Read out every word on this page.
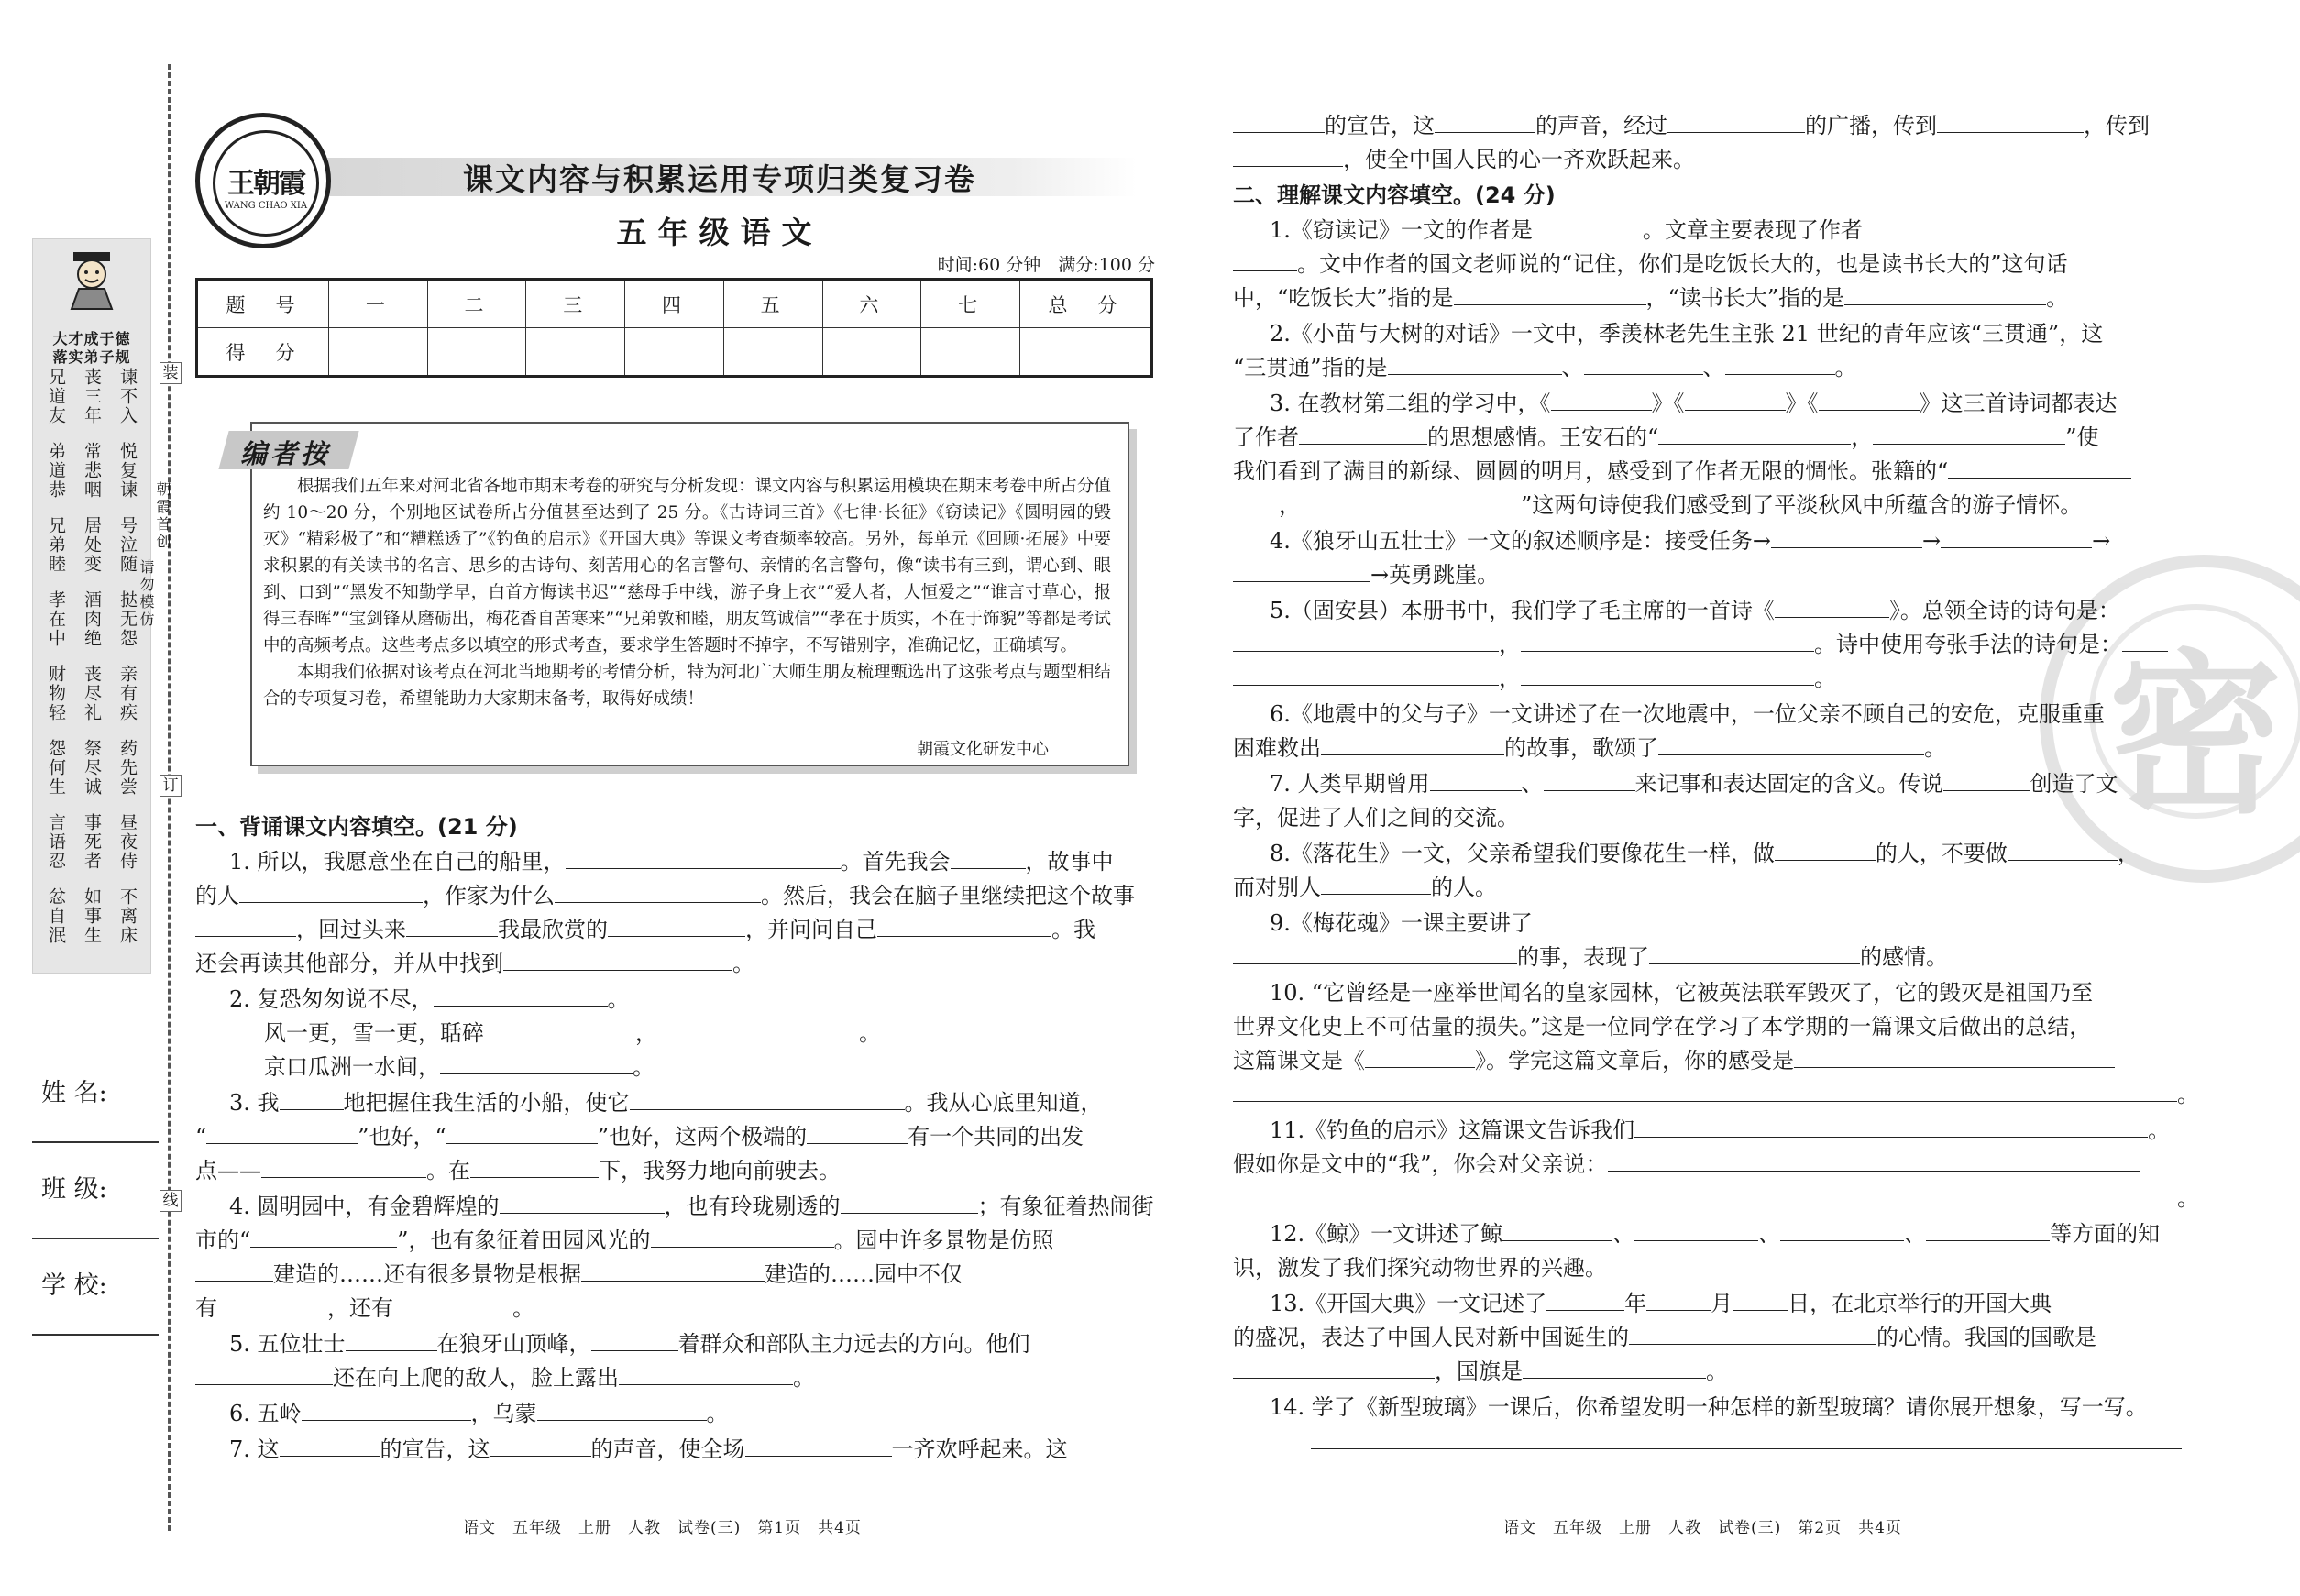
装
订
线
大才成于德
落实弟子规
兄道友 丧三年 谏不入
弟道恭 常悲咽 悦复谏
兄弟睦 居处变 号泣随
孝在中 酒肉绝 挞无怨
财物轻 丧尽礼 亲有疾
怨何生 祭尽诚 药先尝
言语忍 事死者 昼夜侍
忿自泯 如事生 不离床
朝霞首创
请勿模仿
姓 名:
班 级:
学 校:
王朝霞
WANG CHAO XIA
课文内容与积累运用专项归类复习卷
五年级语文
时间:60 分钟　满分:100 分
题　号	一	二	三	四	五	六	七	总　分
得　分								
编者按
根据我们五年来对河北省各地市期末考卷的研究与分析发现：课文内容与积累运用模块在期末考卷中所占分值约 10～20 分，个别地区试卷所占分值甚至达到了 25 分。《古诗词三首》《七律·长征》《窃读记》《圆明园的毁灭》“精彩极了”和“糟糕透了”《钓鱼的启示》《开国大典》等课文考查频率较高。另外，每单元《回顾·拓展》中要求积累的有关读书的名言、思乡的古诗句、刻苦用心的名言警句、亲情的名言警句，像“读书有三到，谓心到、眼到、口到”“黑发不知勤学早，白首方悔读书迟”“慈母手中线，游子身上衣”“爱人者，人恒爱之”“谁言寸草心，报得三春晖”“宝剑锋从磨砺出，梅花香自苦寒来”“兄弟敦和睦，朋友笃诚信”“孝在于质实，不在于饰貌”等都是考试中的高频考点。这些考点多以填空的形式考查，要求学生答题时不掉字，不写错别字，准确记忆，正确填写。
本期我们依据对该考点在河北当地期考的考情分析，特为河北广大师生朋友梳理甄选出了这张考点与题型相结合的专项复习卷，希望能助力大家期末备考，取得好成绩！
朝霞文化研发中心
一、背诵课文内容填空。(21 分)
1. 所以，我愿意坐在自己的船里，	。首先我会	，故事中
的人	，作家为什么	。然后，我会在脑子里继续把这个故事
，回过头来	我最欣赏的	，并问问自己	。我
还会再读其他部分，并从中找到	。
2. 复恐匆匆说不尽，	。
风一更，雪一更，聒碎	，	。
京口瓜洲一水间，	。
3. 我	地把握住我生活的小船，使它	。我从心底里知道，
“	”也好，“	”也好，这两个极端的	有一个共同的出发
点——	。在	下，我努力地向前驶去。
4. 圆明园中，有金碧辉煌的	，也有玲珑剔透的	；有象征着热闹街
市的“	”，也有象征着田园风光的	。园中许多景物是仿照
建造的……还有很多景物是根据	建造的……园中不仅
有	，还有	。
5. 五位壮士	在狼牙山顶峰，	着群众和部队主力远去的方向。他们
还在向上爬的敌人，脸上露出	。
6. 五岭	，乌蒙	。
7. 这	的宣告，这	的声音，使全场	一齐欢呼起来。这
语文　五年级　上册　人教　试卷(三)　第1页　共4页
密
的宣告，这	的声音，经过	的广播，传到	，传到
，使全中国人民的心一齐欢跃起来。
二、理解课文内容填空。(24 分)
1.《窃读记》一文的作者是	。文章主要表现了作者
。文中作者的国文老师说的“记住，你们是吃饭长大的，也是读书长大的”这句话
中，“吃饭长大”指的是	，“读书长大”指的是	。
2.《小苗与大树的对话》一文中，季羡林老先生主张 21 世纪的青年应该“三贯通”，这
“三贯通”指的是	、	、	。
3. 在教材第二组的学习中，《	》《	》《	》这三首诗词都表达
了作者	的思想感情。王安石的“	，	”使
我们看到了满目的新绿、圆圆的明月，感受到了作者无限的惆怅。张籍的“
，	”这两句诗使我们感受到了平淡秋风中所蕴含的游子情怀。
4.《狼牙山五壮士》一文的叙述顺序是：接受任务→	→	→
→英勇跳崖。
5.（固安县）本册书中，我们学了毛主席的一首诗《	》。总领全诗的诗句是：
，	。诗中使用夸张手法的诗句是：
，	。
6.《地震中的父与子》一文讲述了在一次地震中，一位父亲不顾自己的安危，克服重重
困难救出	的故事，歌颂了	。
7. 人类早期曾用	、	来记事和表达固定的含义。传说	创造了文
字，促进了人们之间的交流。
8.《落花生》一文，父亲希望我们要像花生一样，做	的人，不要做	，
而对别人	的人。
9.《梅花魂》一课主要讲了
的事，表现了	的感情。
10. “它曾经是一座举世闻名的皇家园林，它被英法联军毁灭了，它的毁灭是祖国乃至
世界文化史上不可估量的损失。”这是一位同学在学习了本学期的一篇课文后做出的总结，
这篇课文是《	》。学完这篇文章后，你的感受是
。
11.《钓鱼的启示》这篇课文告诉我们	。
假如你是文中的“我”，你会对父亲说：
。
12.《鲸》一文讲述了鲸	、	、	、	等方面的知
识，激发了我们探究动物世界的兴趣。
13.《开国大典》一文记述了	年	月	日，在北京举行的开国大典
的盛况，表达了中国人民对新中国诞生的	的心情。我国的国歌是
，国旗是	。
14. 学了《新型玻璃》一课后，你希望发明一种怎样的新型玻璃？请你展开想象，写一写。
语文　五年级　上册　人教　试卷(三)　第2页　共4页
